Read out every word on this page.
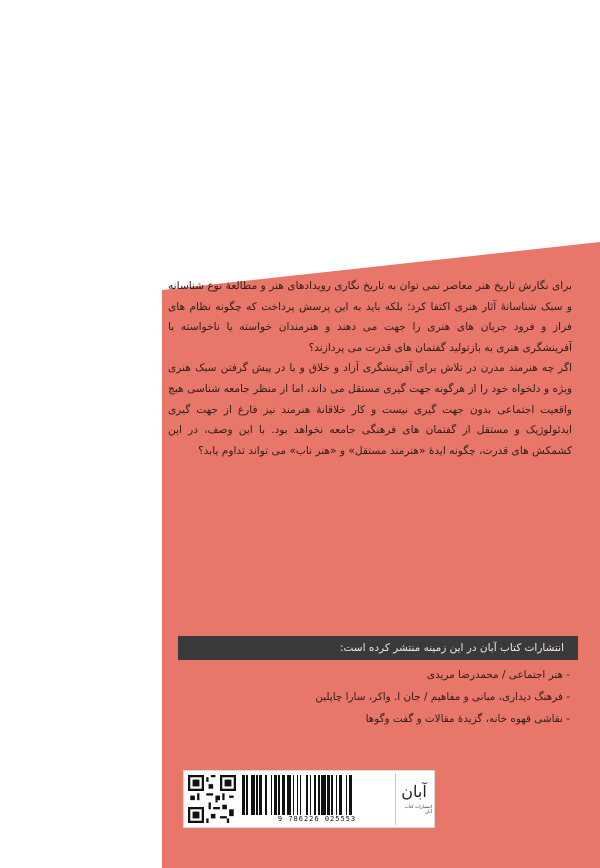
برای نگارش تاریخ هنر معاصر نمی توان به تاریخ نگاری رویدادهای هنر و مطالعهٔ نوع شناسانه و سبک شناسانهٔ آثار هنری اکتفا کرد؛ بلکه باید به این پرسش پرداخت که چگونه نظام های فراز و فرود جریان های هنری را جهت می دهند و هنرمندان خواسته یا ناخواسته با آفرینشگری هنری به بازتولید گفتمان های قدرت می پردازند؟

اگر چه هنرمند مدرن در تلاش برای آفرینشگری آزاد و خلاق و با در پیش گرفتن سبک هنری ویژه و دلخواه خود را از هرگونه جهت گیری مستقل می داند، اما از منظر جامعه شناسی هیچ واقعیت اجتماعی بدون جهت گیری نیست و کار خلاقانهٔ هنرمند نیز فارغ از جهت گیری ایدئولوژیک و مستقل از گفتمان های فرهنگی جامعه نخواهد بود. با این وصف، در این کشمکش های قدرت، چگونه ایدهٔ «هنرمند مستقل» و «هنر ناب» می تواند تداوم یابد؟

انتشارات کتاب آبان در این زمینه منتشر کرده است:
- هنر اجتماعی / محمدرضا مریدی
- فرهنگ دیداری، مبانی و مفاهیم / جان ا. واکر، سارا چاپلین
- نقاشی قهوه خانه، گزیدهٔ مقالات و گفت وگوها
9 786226 025553
آبان
انتشارات کتاب آبان
